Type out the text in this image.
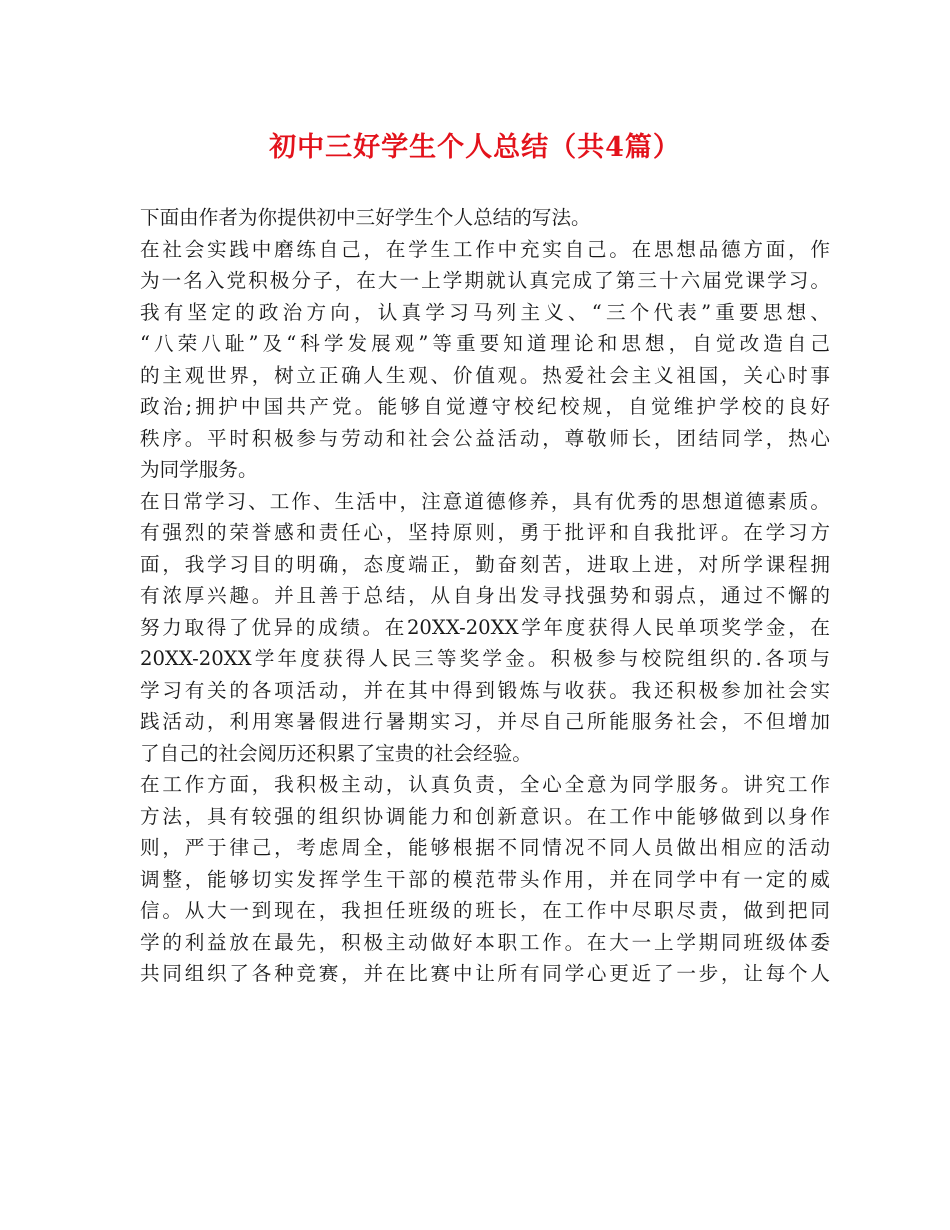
初中三好学生个人总结（共4篇）
下面由作者为你提供初中三好学生个人总结的写法。
在社会实践中磨练自己，在学生工作中充实自己。在思想品德方面，作
为一名入党积极分子，在大一上学期就认真完成了第三十六届党课学习。
我有坚定的政治方向，认真学习马列主义、“三个代表”重要思想、
“八荣八耻”及“科学发展观”等重要知道理论和思想，自觉改造自己
的主观世界，树立正确人生观、价值观。热爱社会主义祖国，关心时事
政治;拥护中国共产党。能够自觉遵守校纪校规，自觉维护学校的良好
秩序。平时积极参与劳动和社会公益活动，尊敬师长，团结同学，热心
为同学服务。
在日常学习、工作、生活中，注意道德修养，具有优秀的思想道德素质。
有强烈的荣誉感和责任心，坚持原则，勇于批评和自我批评。在学习方
面，我学习目的明确，态度端正，勤奋刻苦，进取上进，对所学课程拥
有浓厚兴趣。并且善于总结，从自身出发寻找强势和弱点，通过不懈的
努力取得了优异的成绩。在20XX-20XX学年度获得人民单项奖学金，在
20XX-20XX学年度获得人民三等奖学金。积极参与校院组织的.各项与
学习有关的各项活动，并在其中得到锻炼与收获。我还积极参加社会实
践活动，利用寒暑假进行暑期实习，并尽自己所能服务社会，不但增加
了自己的社会阅历还积累了宝贵的社会经验。
在工作方面，我积极主动，认真负责，全心全意为同学服务。讲究工作
方法，具有较强的组织协调能力和创新意识。在工作中能够做到以身作
则，严于律己，考虑周全，能够根据不同情况不同人员做出相应的活动
调整，能够切实发挥学生干部的模范带头作用，并在同学中有一定的威
信。从大一到现在，我担任班级的班长，在工作中尽职尽责，做到把同
学的利益放在最先，积极主动做好本职工作。在大一上学期同班级体委
共同组织了各种竞赛，并在比赛中让所有同学心更近了一步，让每个人
